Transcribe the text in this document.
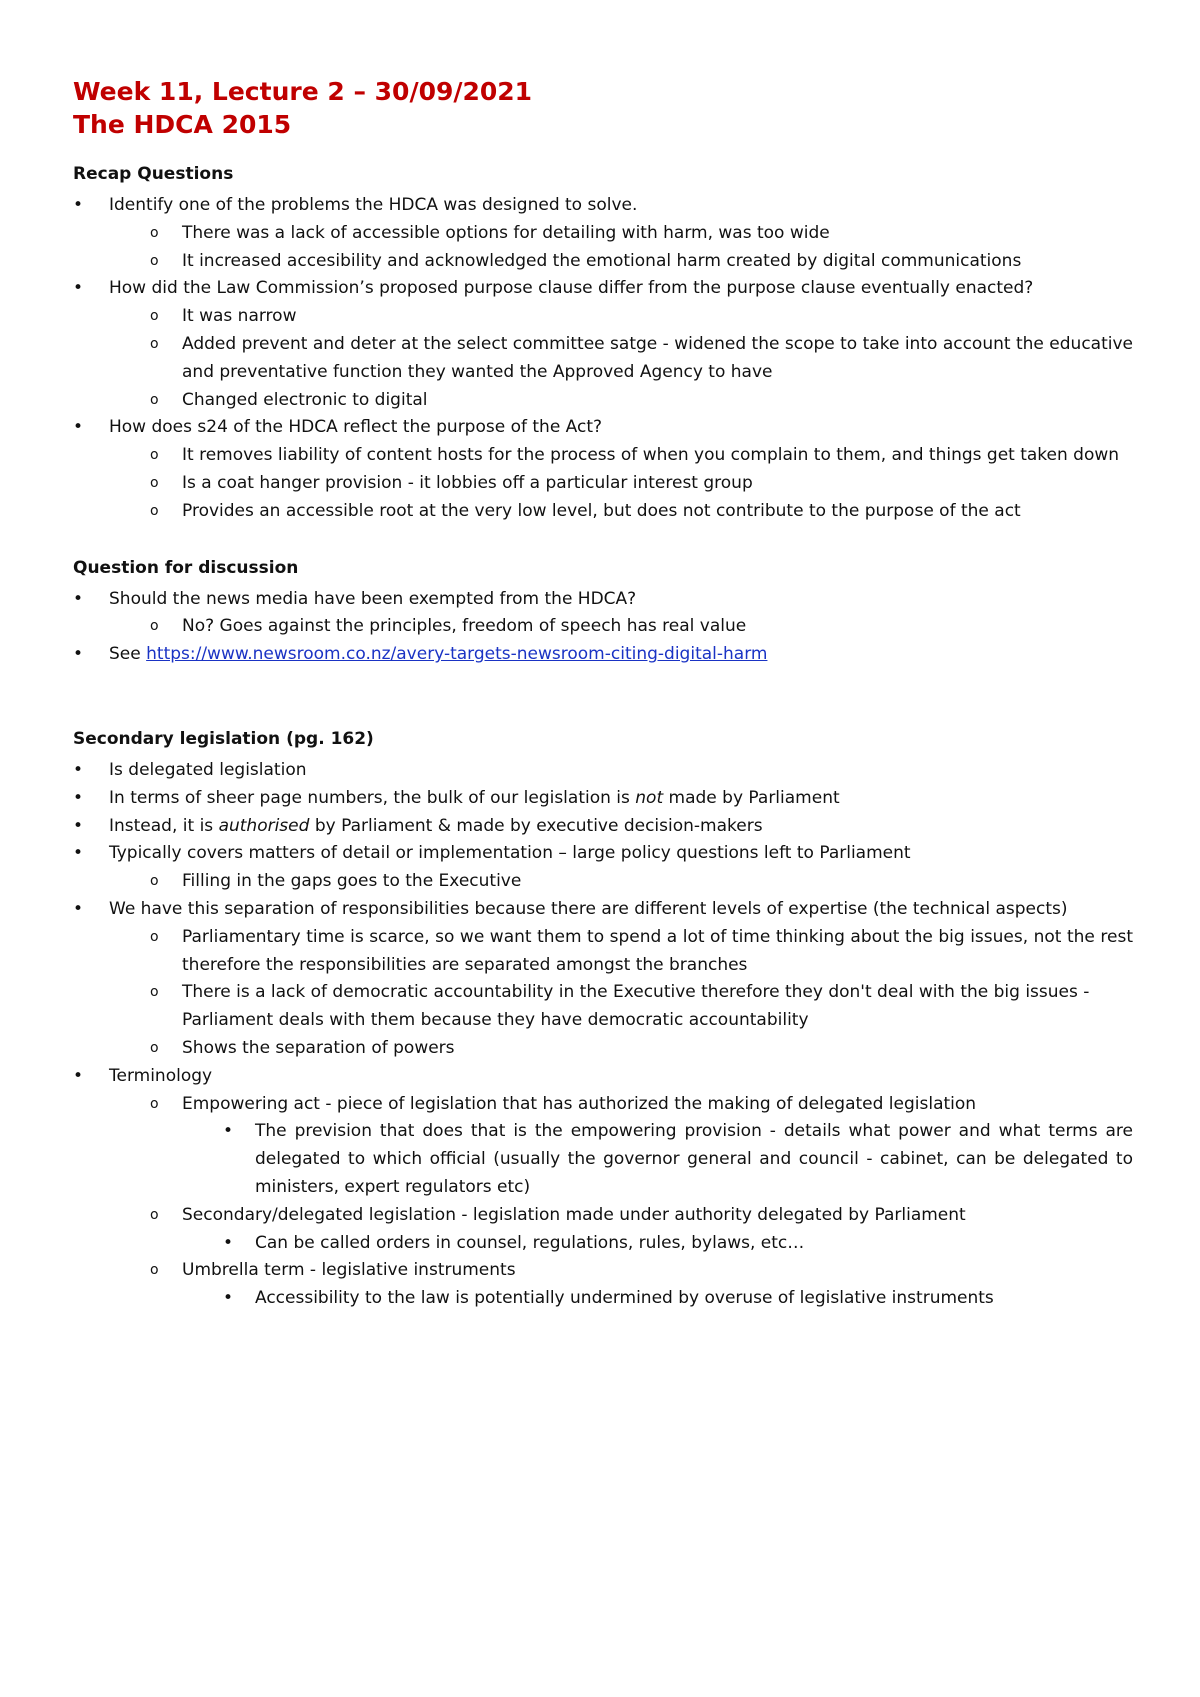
Week 11, Lecture 2 – 30/09/2021
The HDCA 2015
Recap Questions
• Identify one of the problems the HDCA was designed to solve.
o There was a lack of accessible options for detailing with harm, was too wide
o It increased accesibility and acknowledged the emotional harm created by digital communications
• How did the Law Commission’s proposed purpose clause differ from the purpose clause eventually enacted?
o It was narrow
o Added prevent and deter at the select committee satge - widened the scope to take into account the educative and preventative function they wanted the Approved Agency to have
o Changed electronic to digital
• How does s24 of the HDCA reflect the purpose of the Act?
o It removes liability of content hosts for the process of when you complain to them, and things get taken down
o Is a coat hanger provision - it lobbies off a particular interest group
o Provides an accessible root at the very low level, but does not contribute to the purpose of the act
Question for discussion
• Should the news media have been exempted from the HDCA?
o No? Goes against the principles, freedom of speech has real value
• See https://www.newsroom.co.nz/avery-targets-newsroom-citing-digital-harm
Secondary legislation (pg. 162)
• Is delegated legislation
• In terms of sheer page numbers, the bulk of our legislation is not made by Parliament
• Instead, it is authorised by Parliament & made by executive decision-makers
• Typically covers matters of detail or implementation – large policy questions left to Parliament
o Filling in the gaps goes to the Executive
• We have this separation of responsibilities because there are different levels of expertise (the technical aspects)
o Parliamentary time is scarce, so we want them to spend a lot of time thinking about the big issues, not the rest therefore the responsibilities are separated amongst the branches
o There is a lack of democratic accountability in the Executive therefore they don't deal with the big issues - Parliament deals with them because they have democratic accountability
o Shows the separation of powers
• Terminology
o Empowering act - piece of legislation that has authorized the making of delegated legislation
• The prevision that does that is the empowering provision - details what power and what terms are delegated to which official (usually the governor general and council - cabinet, can be delegated to ministers, expert regulators etc)
o Secondary/delegated legislation - legislation made under authority delegated by Parliament
• Can be called orders in counsel, regulations, rules, bylaws, etc…
o Umbrella term - legislative instruments
• Accessibility to the law is potentially undermined by overuse of legislative instruments
